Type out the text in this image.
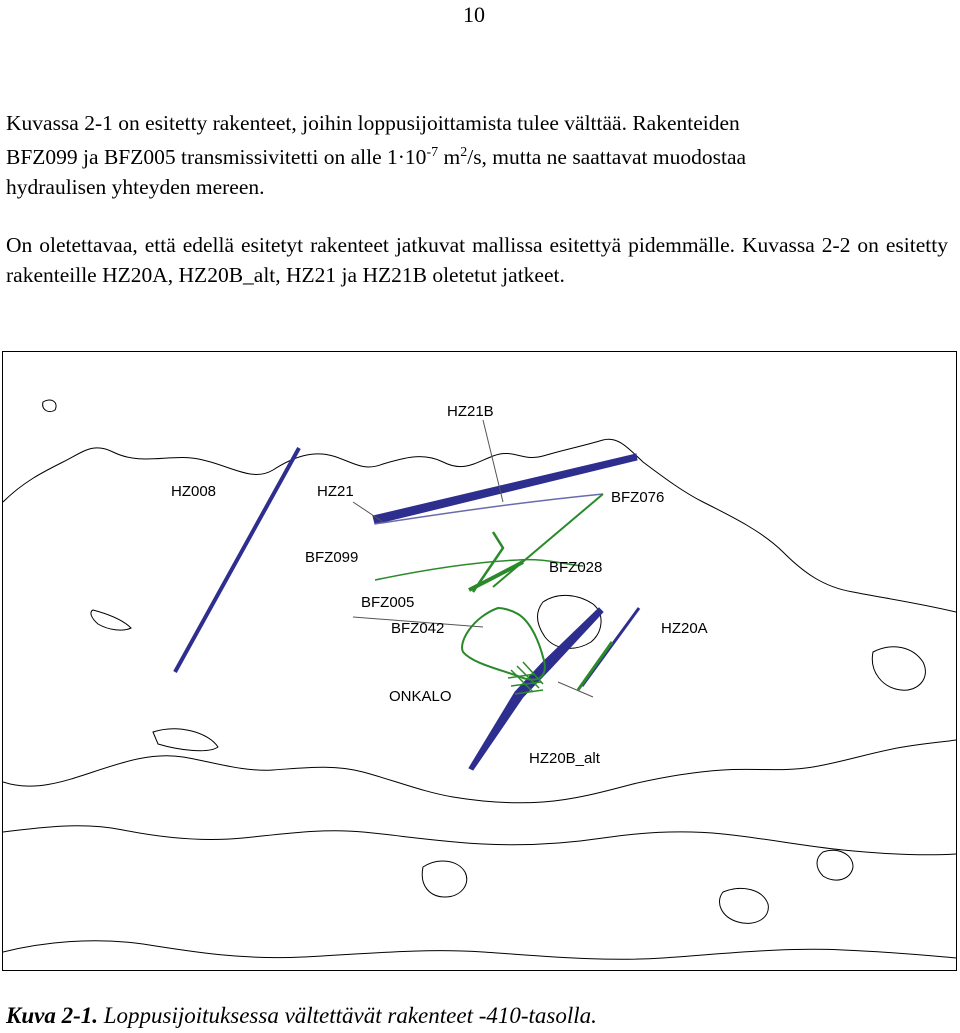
10

Kuvassa 2-1 on esitetty rakenteet, joihin loppusijoittamista tulee välttää. Rakenteiden
BFZ099 ja BFZ005 transmissivitetti on alle $1\cdot 10^{-7}$ $m^2/s$, mutta ne saattavat muodostaa
hydraulisen yhteyden mereen.

On oletettavaa, että edellä esitetyt rakenteet jatkuvat mallissa esitettyä pidemmälle. Kuvassa 2-2 on esitetty rakenteille HZ20A, HZ20B_alt, HZ21 ja HZ21B oletetut jatkeet.

HZ21B
HZ008	HZ21	BFZ076
BFZ099
BFZ028
BFZ005
BFZ042	HZ20A
ONKALO
HZ20B_alt
Kuva 2-1. Loppusijoituksessa vältettävät rakenteet -410-tasolla.
